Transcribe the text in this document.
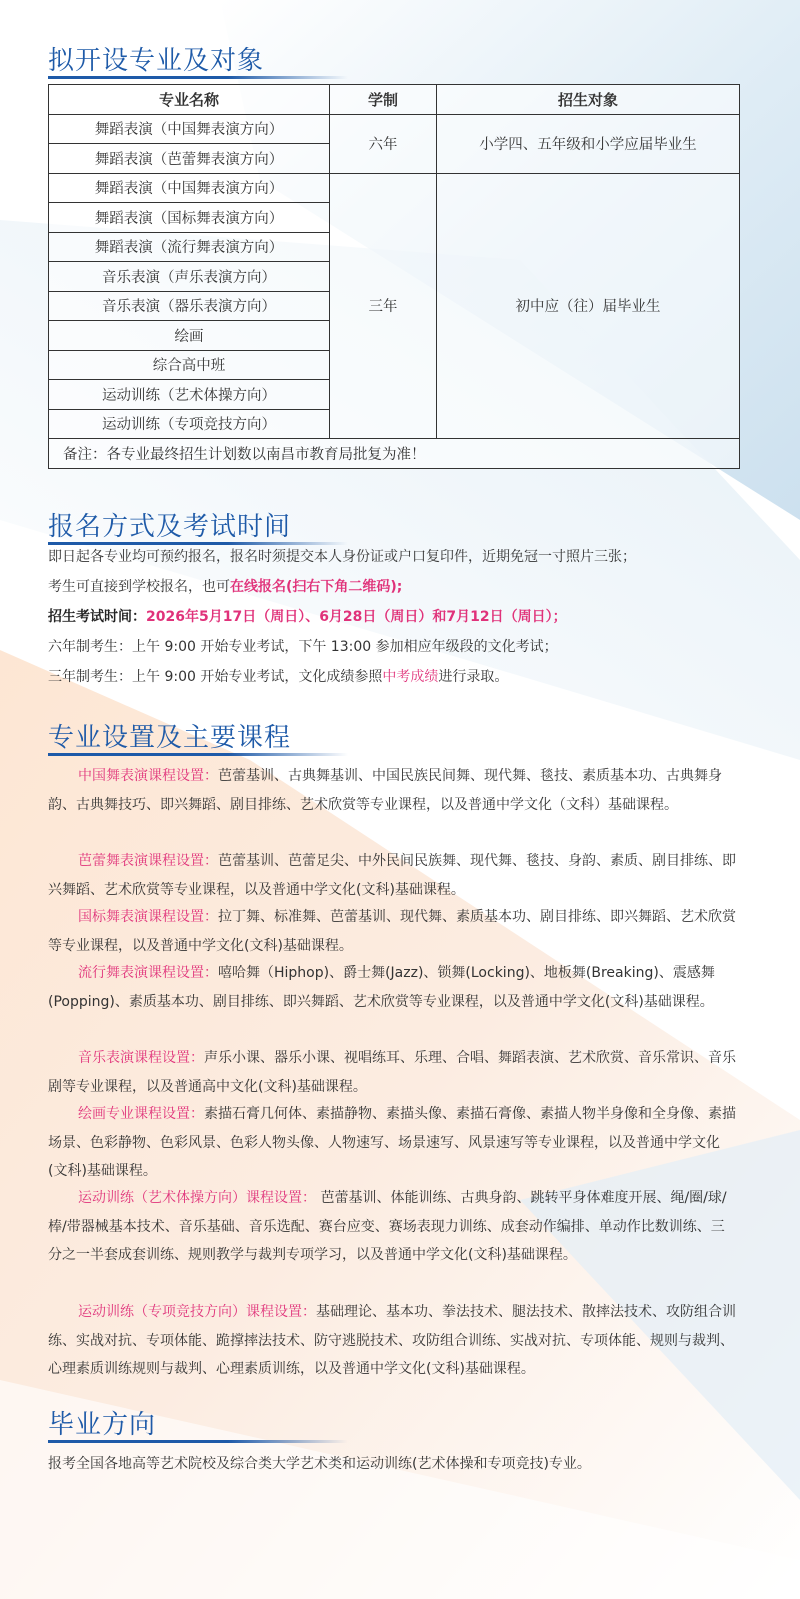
拟开设专业及对象
专业名称	学制	招生对象
舞蹈表演（中国舞表演方向）	六年	小学四、五年级和小学应届毕业生
舞蹈表演（芭蕾舞表演方向）		
舞蹈表演（中国舞表演方向）	三年	初中应（往）届毕业生
舞蹈表演（国标舞表演方向）		
舞蹈表演（流行舞表演方向）		
音乐表演（声乐表演方向）		
音乐表演（器乐表演方向）		
绘画		
综合高中班		
运动训练（艺术体操方向）		
运动训练（专项竞技方向）		
备注：各专业最终招生计划数以南昌市教育局批复为准！		
报名方式及考试时间
即日起各专业均可预约报名，报名时须提交本人身份证或户口复印件，近期免冠一寸照片三张；
考生可直接到学校报名，也可在线报名(扫右下角二维码);
招生考试时间：2026年5月17日（周日）、6月28日（周日）和7月12日（周日）；
六年制考生：上午 9:00 开始专业考试，下午 13:00 参加相应年级段的文化考试；
三年制考生：上午 9:00 开始专业考试，文化成绩参照中考成绩进行录取。
专业设置及主要课程
中国舞表演课程设置：芭蕾基训、古典舞基训、中国民族民间舞、现代舞、毯技、素质基本功、古典舞身韵、古典舞技巧、即兴舞蹈、剧目排练、艺术欣赏等专业课程，以及普通中学文化（文科）基础课程。
芭蕾舞表演课程设置：芭蕾基训、芭蕾足尖、中外民间民族舞、现代舞、毯技、身韵、素质、剧目排练、即兴舞蹈、艺术欣赏等专业课程，以及普通中学文化(文科)基础课程。
国标舞表演课程设置：拉丁舞、标准舞、芭蕾基训、现代舞、素质基本功、剧目排练、即兴舞蹈、艺术欣赏等专业课程，以及普通中学文化(文科)基础课程。
流行舞表演课程设置：嘻哈舞（Hiphop)、爵士舞(Jazz)、锁舞(Locking)、地板舞(Breaking)、震感舞(Popping)、素质基本功、剧目排练、即兴舞蹈、艺术欣赏等专业课程，以及普通中学文化(文科)基础课程。
音乐表演课程设置：声乐小课、器乐小课、视唱练耳、乐理、合唱、舞蹈表演、艺术欣赏、音乐常识、音乐剧等专业课程，以及普通高中文化(文科)基础课程。
绘画专业课程设置：素描石膏几何体、素描静物、素描头像、素描石膏像、素描人物半身像和全身像、素描场景、色彩静物、色彩风景、色彩人物头像、人物速写、场景速写、风景速写等专业课程，以及普通中学文化(文科)基础课程。
运动训练（艺术体操方向）课程设置： 芭蕾基训、体能训练、古典身韵、跳转平身体难度开展、绳/圈/球/棒/带器械基本技术、音乐基础、音乐选配、赛台应变、赛场表现力训练、成套动作编排、单动作比数训练、三分之一半套成套训练、规则教学与裁判专项学习，以及普通中学文化(文科)基础课程。
运动训练（专项竞技方向）课程设置：基础理论、基本功、拳法技术、腿法技术、散摔法技术、攻防组合训练、实战对抗、专项体能、跪撑摔法技术、防守逃脱技术、攻防组合训练、实战对抗、专项体能、规则与裁判、心理素质训练规则与裁判、心理素质训练，以及普通中学文化(文科)基础课程。
毕业方向
报考全国各地高等艺术院校及综合类大学艺术类和运动训练(艺术体操和专项竞技)专业。
